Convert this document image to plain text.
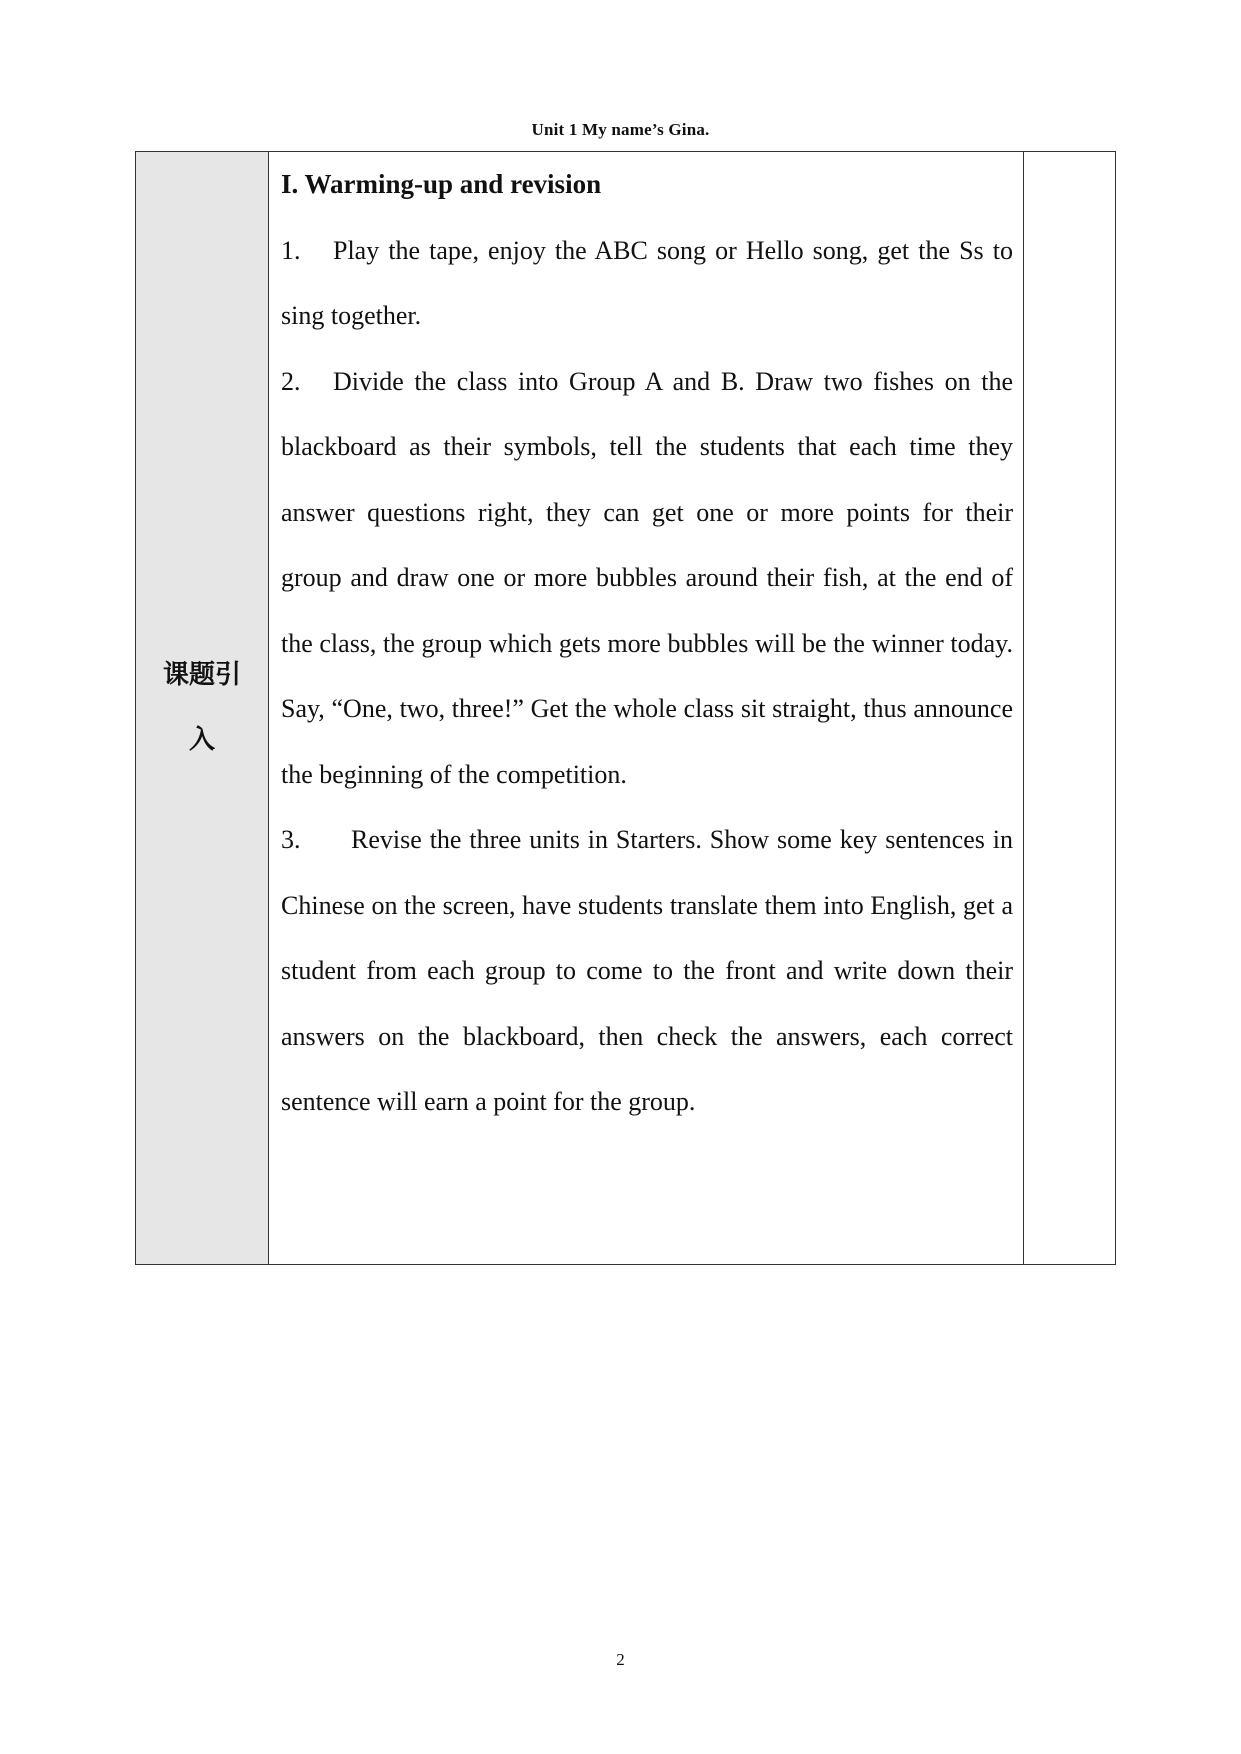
Unit 1 My name’s Gina.
课题引入

I. Warming-up and revision

1. Play the tape, enjoy the ABC song or Hello song, get the Ss to sing together.

2. Divide the class into Group A and B. Draw two fishes on the blackboard as their symbols, tell the students that each time they answer questions right, they can get one or more points for their group and draw one or more bubbles around their fish, at the end of the class, the group which gets more bubbles will be the winner today. Say, “One, two, three!” Get the whole class sit straight, thus announce the beginning of the competition.

3. Revise the three units in Starters. Show some key sentences in Chinese on the screen, have students translate them into English, get a student from each group to come to the front and write down their answers on the blackboard, then check the answers, each correct sentence will earn a point for the group.

2
